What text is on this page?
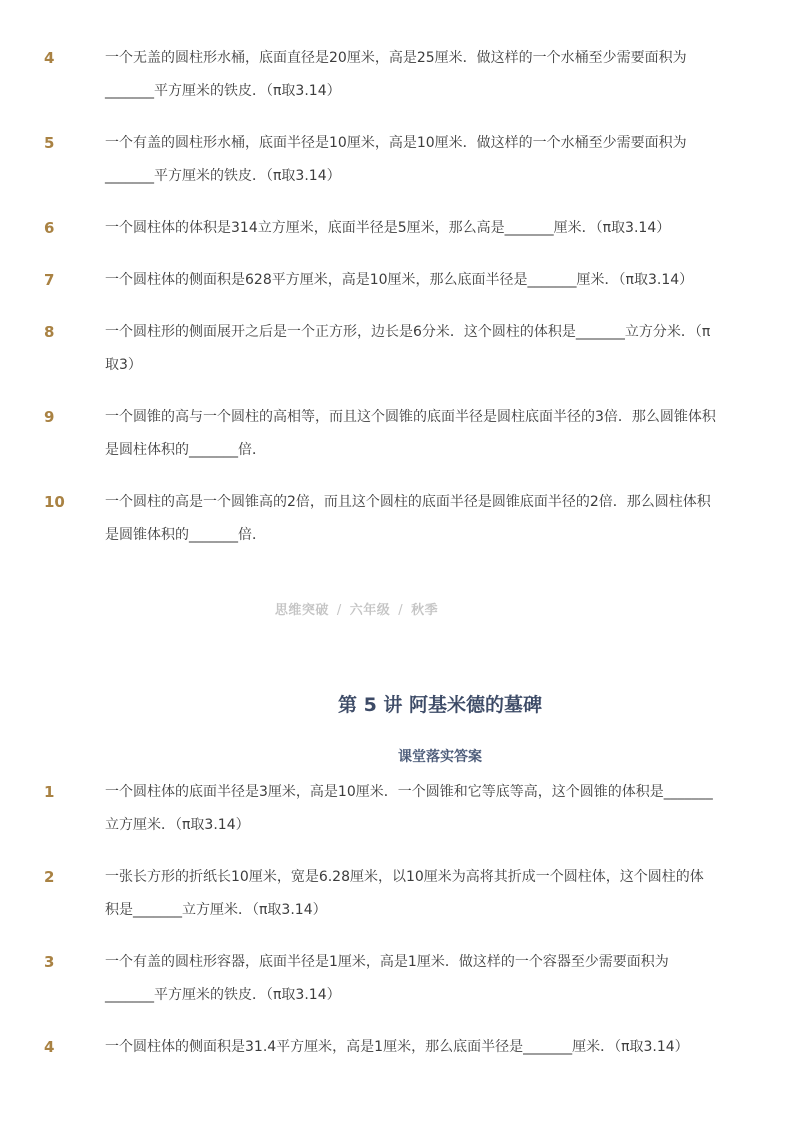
4	一个无盖的圆柱形水桶，底面直径是20厘米，高是25厘米．做这样的一个水桶至少需要面积为_______平方厘米的铁皮．（π取3.14）
5	一个有盖的圆柱形水桶，底面半径是10厘米，高是10厘米．做这样的一个水桶至少需要面积为_______平方厘米的铁皮．（π取3.14）
6	一个圆柱体的体积是314立方厘米，底面半径是5厘米，那么高是_______厘米．（π取3.14）
7	一个圆柱体的侧面积是628平方厘米，高是10厘米，那么底面半径是_______厘米．（π取3.14）
8	一个圆柱形的侧面展开之后是一个正方形，边长是6分米．这个圆柱的体积是_______立方分米．（π取3）
9	一个圆锥的高与一个圆柱的高相等，而且这个圆锥的底面半径是圆柱底面半径的3倍．那么圆锥体积是圆柱体积的_______倍．
10	一个圆柱的高是一个圆锥高的2倍，而且这个圆柱的底面半径是圆锥底面半径的2倍．那么圆柱体积是圆锥体积的_______倍．
思维突破 / 六年级 / 秋季
第 5 讲 阿基米德的墓碑
课堂落实答案
1	一个圆柱体的底面半径是3厘米，高是10厘米．一个圆锥和它等底等高，这个圆锥的体积是_______立方厘米．（π取3.14）
2	一张长方形的折纸长10厘米，宽是6.28厘米，以10厘米为高将其折成一个圆柱体，这个圆柱的体积是_______立方厘米．（π取3.14）
3	一个有盖的圆柱形容器，底面半径是1厘米，高是1厘米．做这样的一个容器至少需要面积为_______平方厘米的铁皮．（π取3.14）
4	一个圆柱体的侧面积是31.4平方厘米，高是1厘米，那么底面半径是_______厘米．（π取3.14）
